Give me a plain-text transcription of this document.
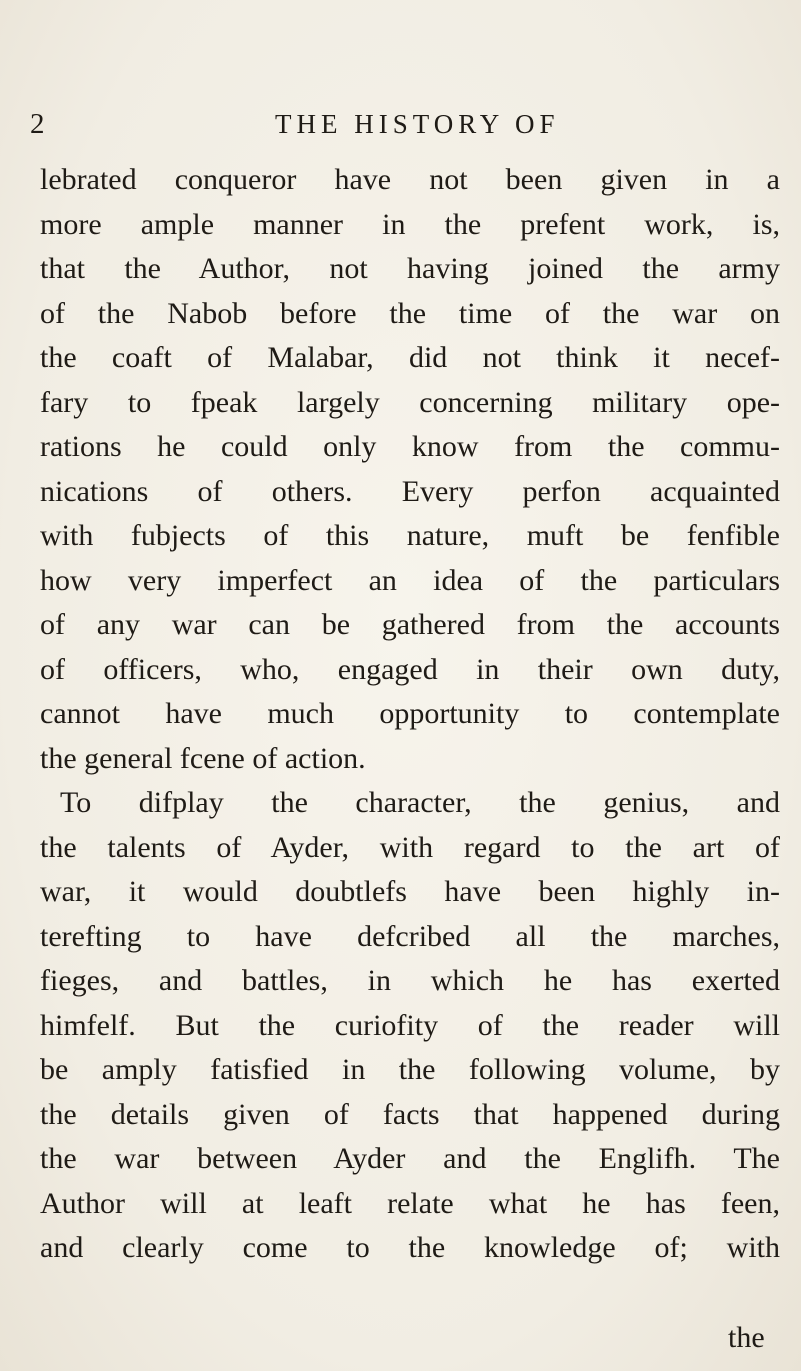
2	THE HISTORY OF
lebrated conqueror have not been given in a
more ample manner in the prefent work, is,
that the Author, not having joined the army
of the Nabob before the time of the war on
the coaft of Malabar, did not think it necef-
fary to fpeak largely concerning military ope-
rations he could only know from the commu-
nications of others. Every perfon acquainted
with fubjects of this nature, muft be fenfible
how very imperfect an idea of the particulars
of any war can be gathered from the accounts
of officers, who, engaged in their own duty,
cannot have much opportunity to contemplate
the general fcene of action.
To difplay the character, the genius, and
the talents of Ayder, with regard to the art of
war, it would doubtlefs have been highly in-
terefting to have defcribed all the marches,
fieges, and battles, in which he has exerted
himfelf. But the curiofity of the reader will
be amply fatisfied in the following volume, by
the details given of facts that happened during
the war between Ayder and the Englifh. The
Author will at leaft relate what he has feen,
and clearly come to the knowledge of; with
the
